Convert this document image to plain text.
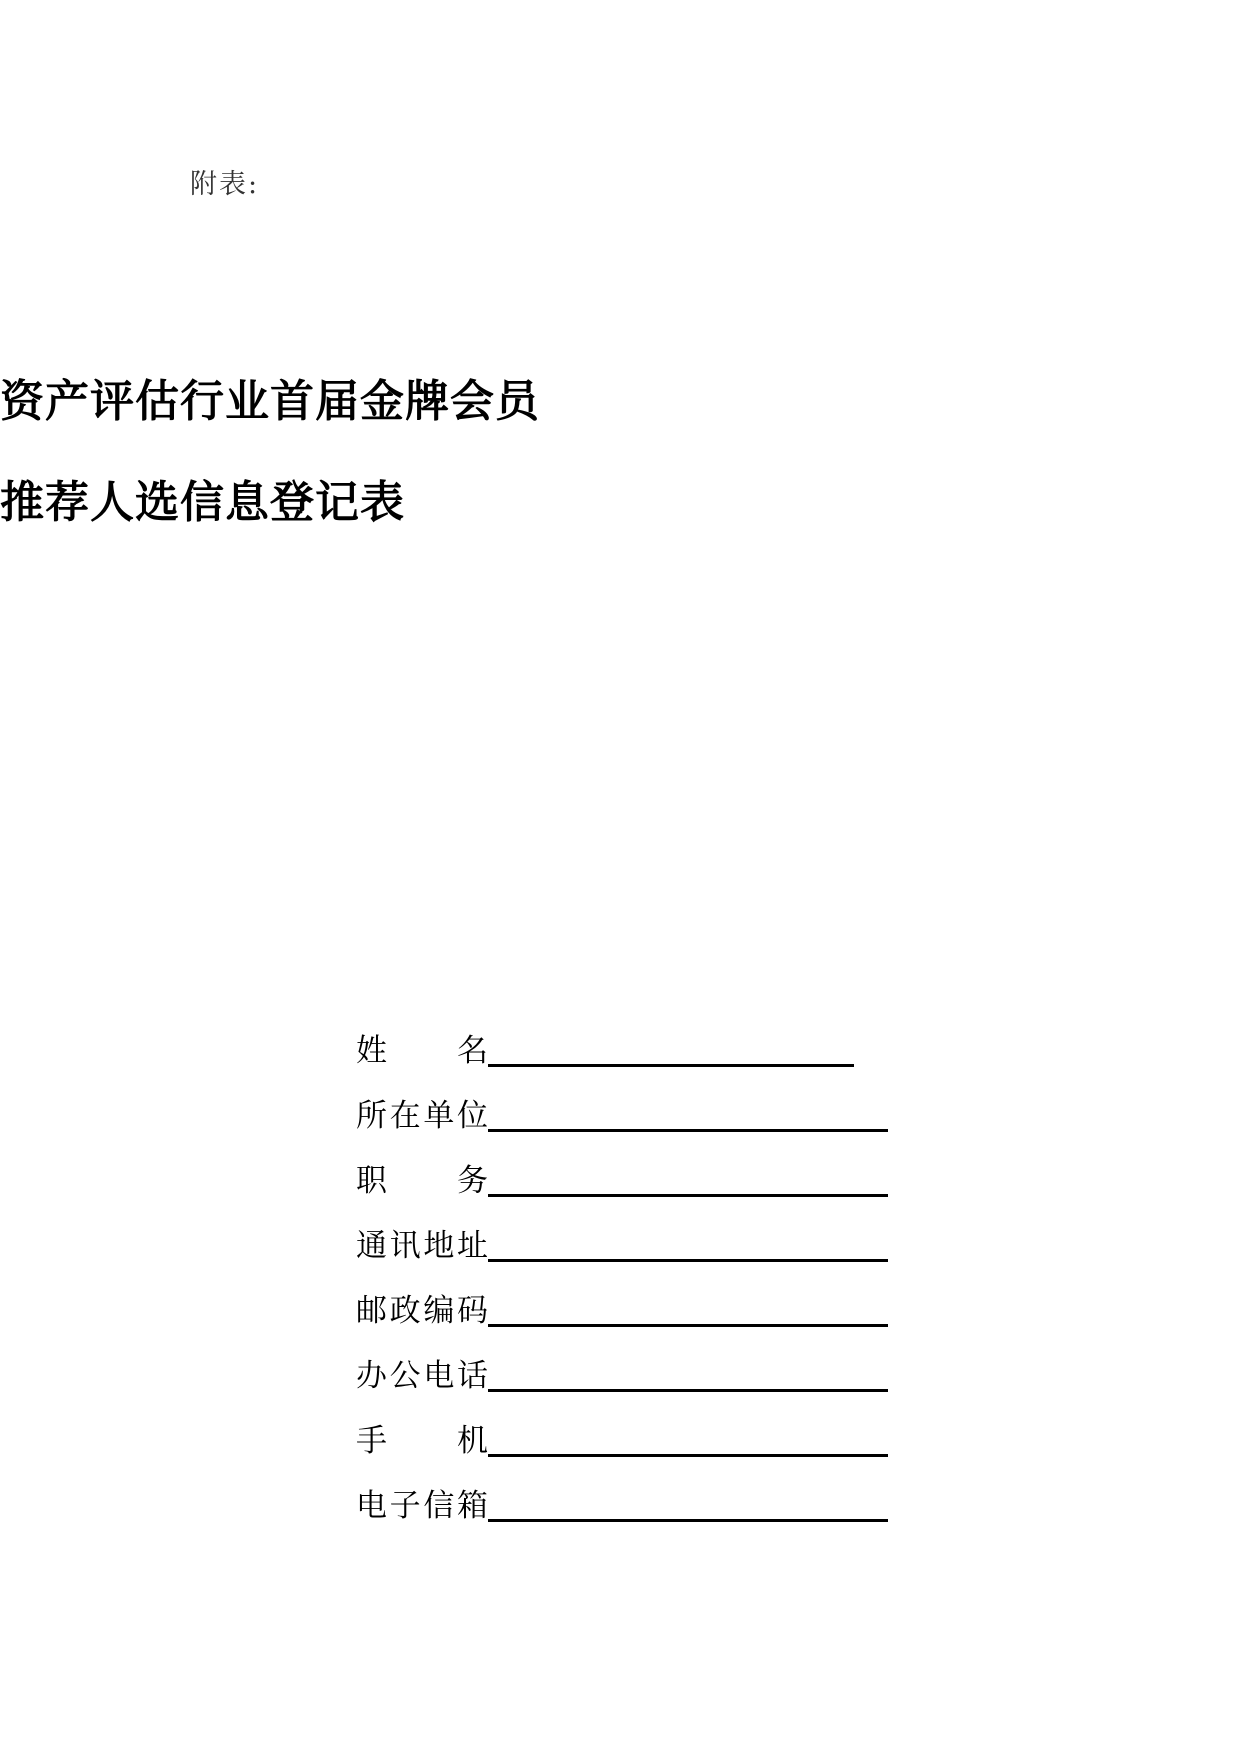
附表:
资产评估行业首届金牌会员
推荐人选信息登记表
姓 名
所 在 单 位
职 务
通 讯 地 址
邮 政 编 码
办 公 电 话
手 机
电 子 信 箱
